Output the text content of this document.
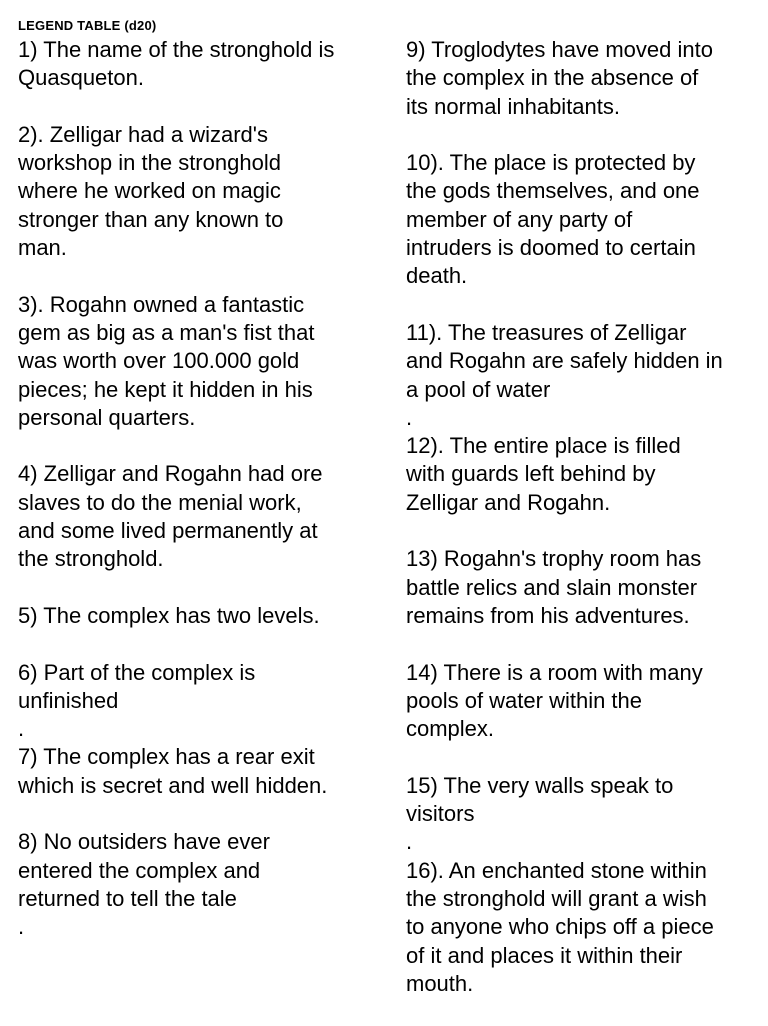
LEGEND TABLE (d20)
1) The name of the stronghold is
Quasqueton.
2). Zelligar had a wizard's
workshop in the stronghold
where he worked on magic
stronger than any known to
man.
3). Rogahn owned a fantastic
gem as big as a man's fist that
was worth over 100.000 gold
pieces; he kept it hidden in his
personal quarters.
4) Zelligar and Rogahn had ore
slaves to do the menial work,
and some lived permanently at
the stronghold.
5) The complex has two levels.
6) Part of the complex is
unfinished
.
7) The complex has a rear exit
which is secret and well hidden.
8) No outsiders have ever
entered the complex and
returned to tell the tale
.
9) Troglodytes have moved into
the complex in the absence of
its normal inhabitants.
10). The place is protected by
the gods themselves, and one
member of any party of
intruders is doomed to certain
death.
11). The treasures of Zelligar
and Rogahn are safely hidden in
a pool of water
.
12). The entire place is filled
with guards left behind by
Zelligar and Rogahn.
13) Rogahn's trophy room has
battle relics and slain monster
remains from his adventures.
14) There is a room with many
pools of water within the
complex.
15) The very walls speak to
visitors
.
16). An enchanted stone within
the stronghold will grant a wish
to anyone who chips off a piece
of it and places it within their
mouth.
